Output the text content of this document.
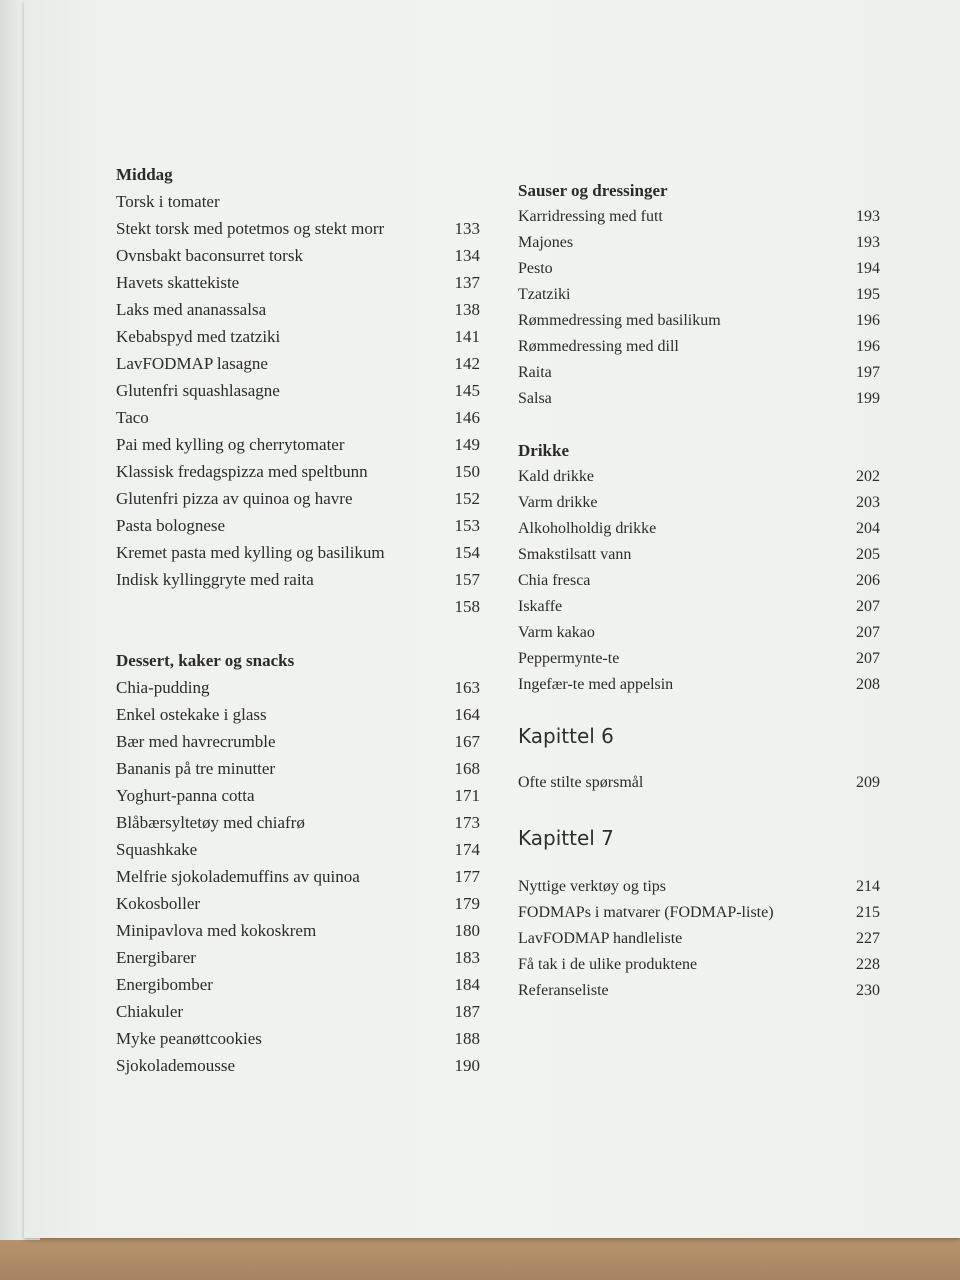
Middag
Torsk i tomater
Stekt torsk med potetmos og stekt morr	133
Ovnsbakt baconsurret torsk	134
Havets skattekiste	137
Laks med ananassalsa	138
Kebabspyd med tzatziki	141
LavFODMAP lasagne	142
Glutenfri squashlasagne	145
Taco	146
Pai med kylling og cherrytomater	149
Klassisk fredagspizza med speltbunn	150
Glutenfri pizza av quinoa og havre	152
Pasta bolognese	153
Kremet pasta med kylling og basilikum	154
Indisk kyllinggryte med raita	157
158
Dessert, kaker og snacks
Chia-pudding	163
Enkel ostekake i glass	164
Bær med havrecrumble	167
Bananis på tre minutter	168
Yoghurt-panna cotta	171
Blåbærsyltetøy med chiafrø	173
Squashkake	174
Melfrie sjokolademuffins av quinoa	177
Kokosboller	179
Minipavlova med kokoskrem	180
Energibarer	183
Energibomber	184
Chiakuler	187
Myke peanøttcookies	188
Sjokolademousse	190
Sauser og dressinger
Karridressing med futt	193
Majones	193
Pesto	194
Tzatziki	195
Rømmedressing med basilikum	196
Rømmedressing med dill	196
Raita	197
Salsa	199
Drikke
Kald drikke	202
Varm drikke	203
Alkoholholdig drikke	204
Smakstilsatt vann	205
Chia fresca	206
Iskaffe	207
Varm kakao	207
Peppermynte-te	207
Ingefær-te med appelsin	208
Kapittel 6
Ofte stilte spørsmål	209
Kapittel 7
Nyttige verktøy og tips	214
FODMAPs i matvarer (FODMAP-liste)	215
LavFODMAP handleliste	227
Få tak i de ulike produktene	228
Referanseliste	230
